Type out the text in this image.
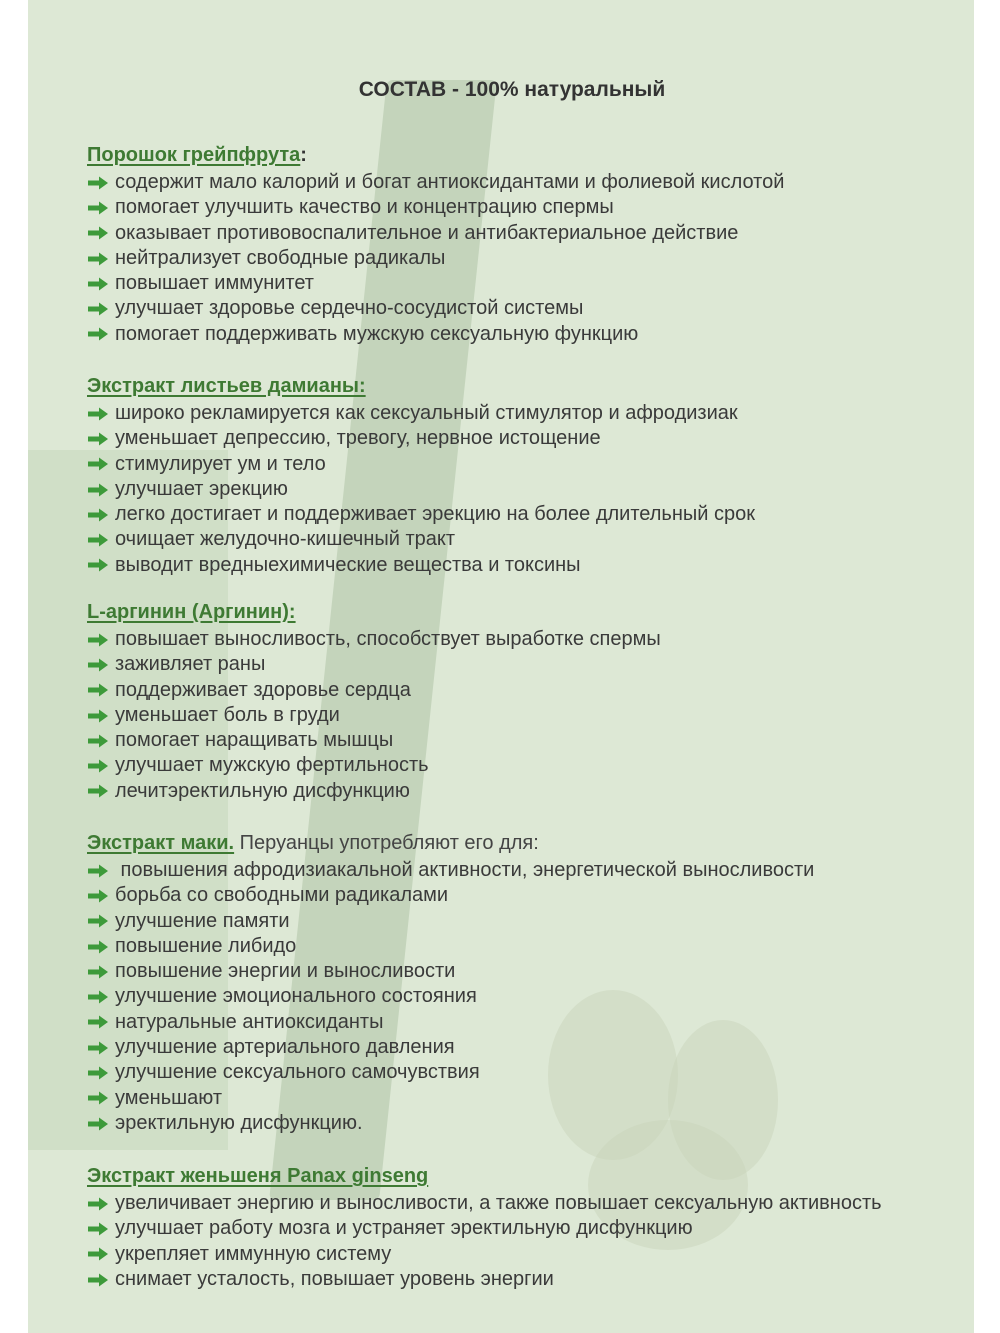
СОСТАВ - 100% натуральный
Порошок грейпфрута:
содержит мало калорий и богат антиоксидантами и фолиевой кислотой
помогает улучшить качество и концентрацию спермы
оказывает противовоспалительное и антибактериальное действие
нейтрализует свободные радикалы
повышает иммунитет
улучшает здоровье сердечно-сосудистой системы
помогает поддерживать мужскую сексуальную функцию
Экстракт листьев дамианы:
широко рекламируется как сексуальный стимулятор и афродизиак
уменьшает депрессию, тревогу, нервное истощение
стимулирует ум и тело
улучшает эрекцию
легко достигает и поддерживает эрекцию на более длительный срок
очищает желудочно-кишечный тракт
выводит вредныехимические вещества и токсины
L-аргинин (Аргинин):
повышает выносливость, способствует выработке спермы
заживляет раны
поддерживает здоровье сердца
уменьшает боль в груди
помогает наращивать мышцы
улучшает мужскую фертильность
лечитэректильную дисфункцию
Экстракт маки. Перуанцы употребляют его для:
повышения афродизиакальной активности, энергетической выносливости
борьба со свободными радикалами
улучшение памяти
повышение либидо
повышение энергии и выносливости
улучшение эмоционального состояния
натуральные антиоксиданты
улучшение артериального давления
улучшение сексуального самочувствия
уменьшают
эректильную дисфункцию.
Экстракт женьшеня Panax ginseng
увеличивает энергию и выносливости, а также повышает сексуальную активность
улучшает работу мозга и устраняет эректильную дисфункцию
укрепляет иммунную систему
снимает усталость, повышает уровень энергии
